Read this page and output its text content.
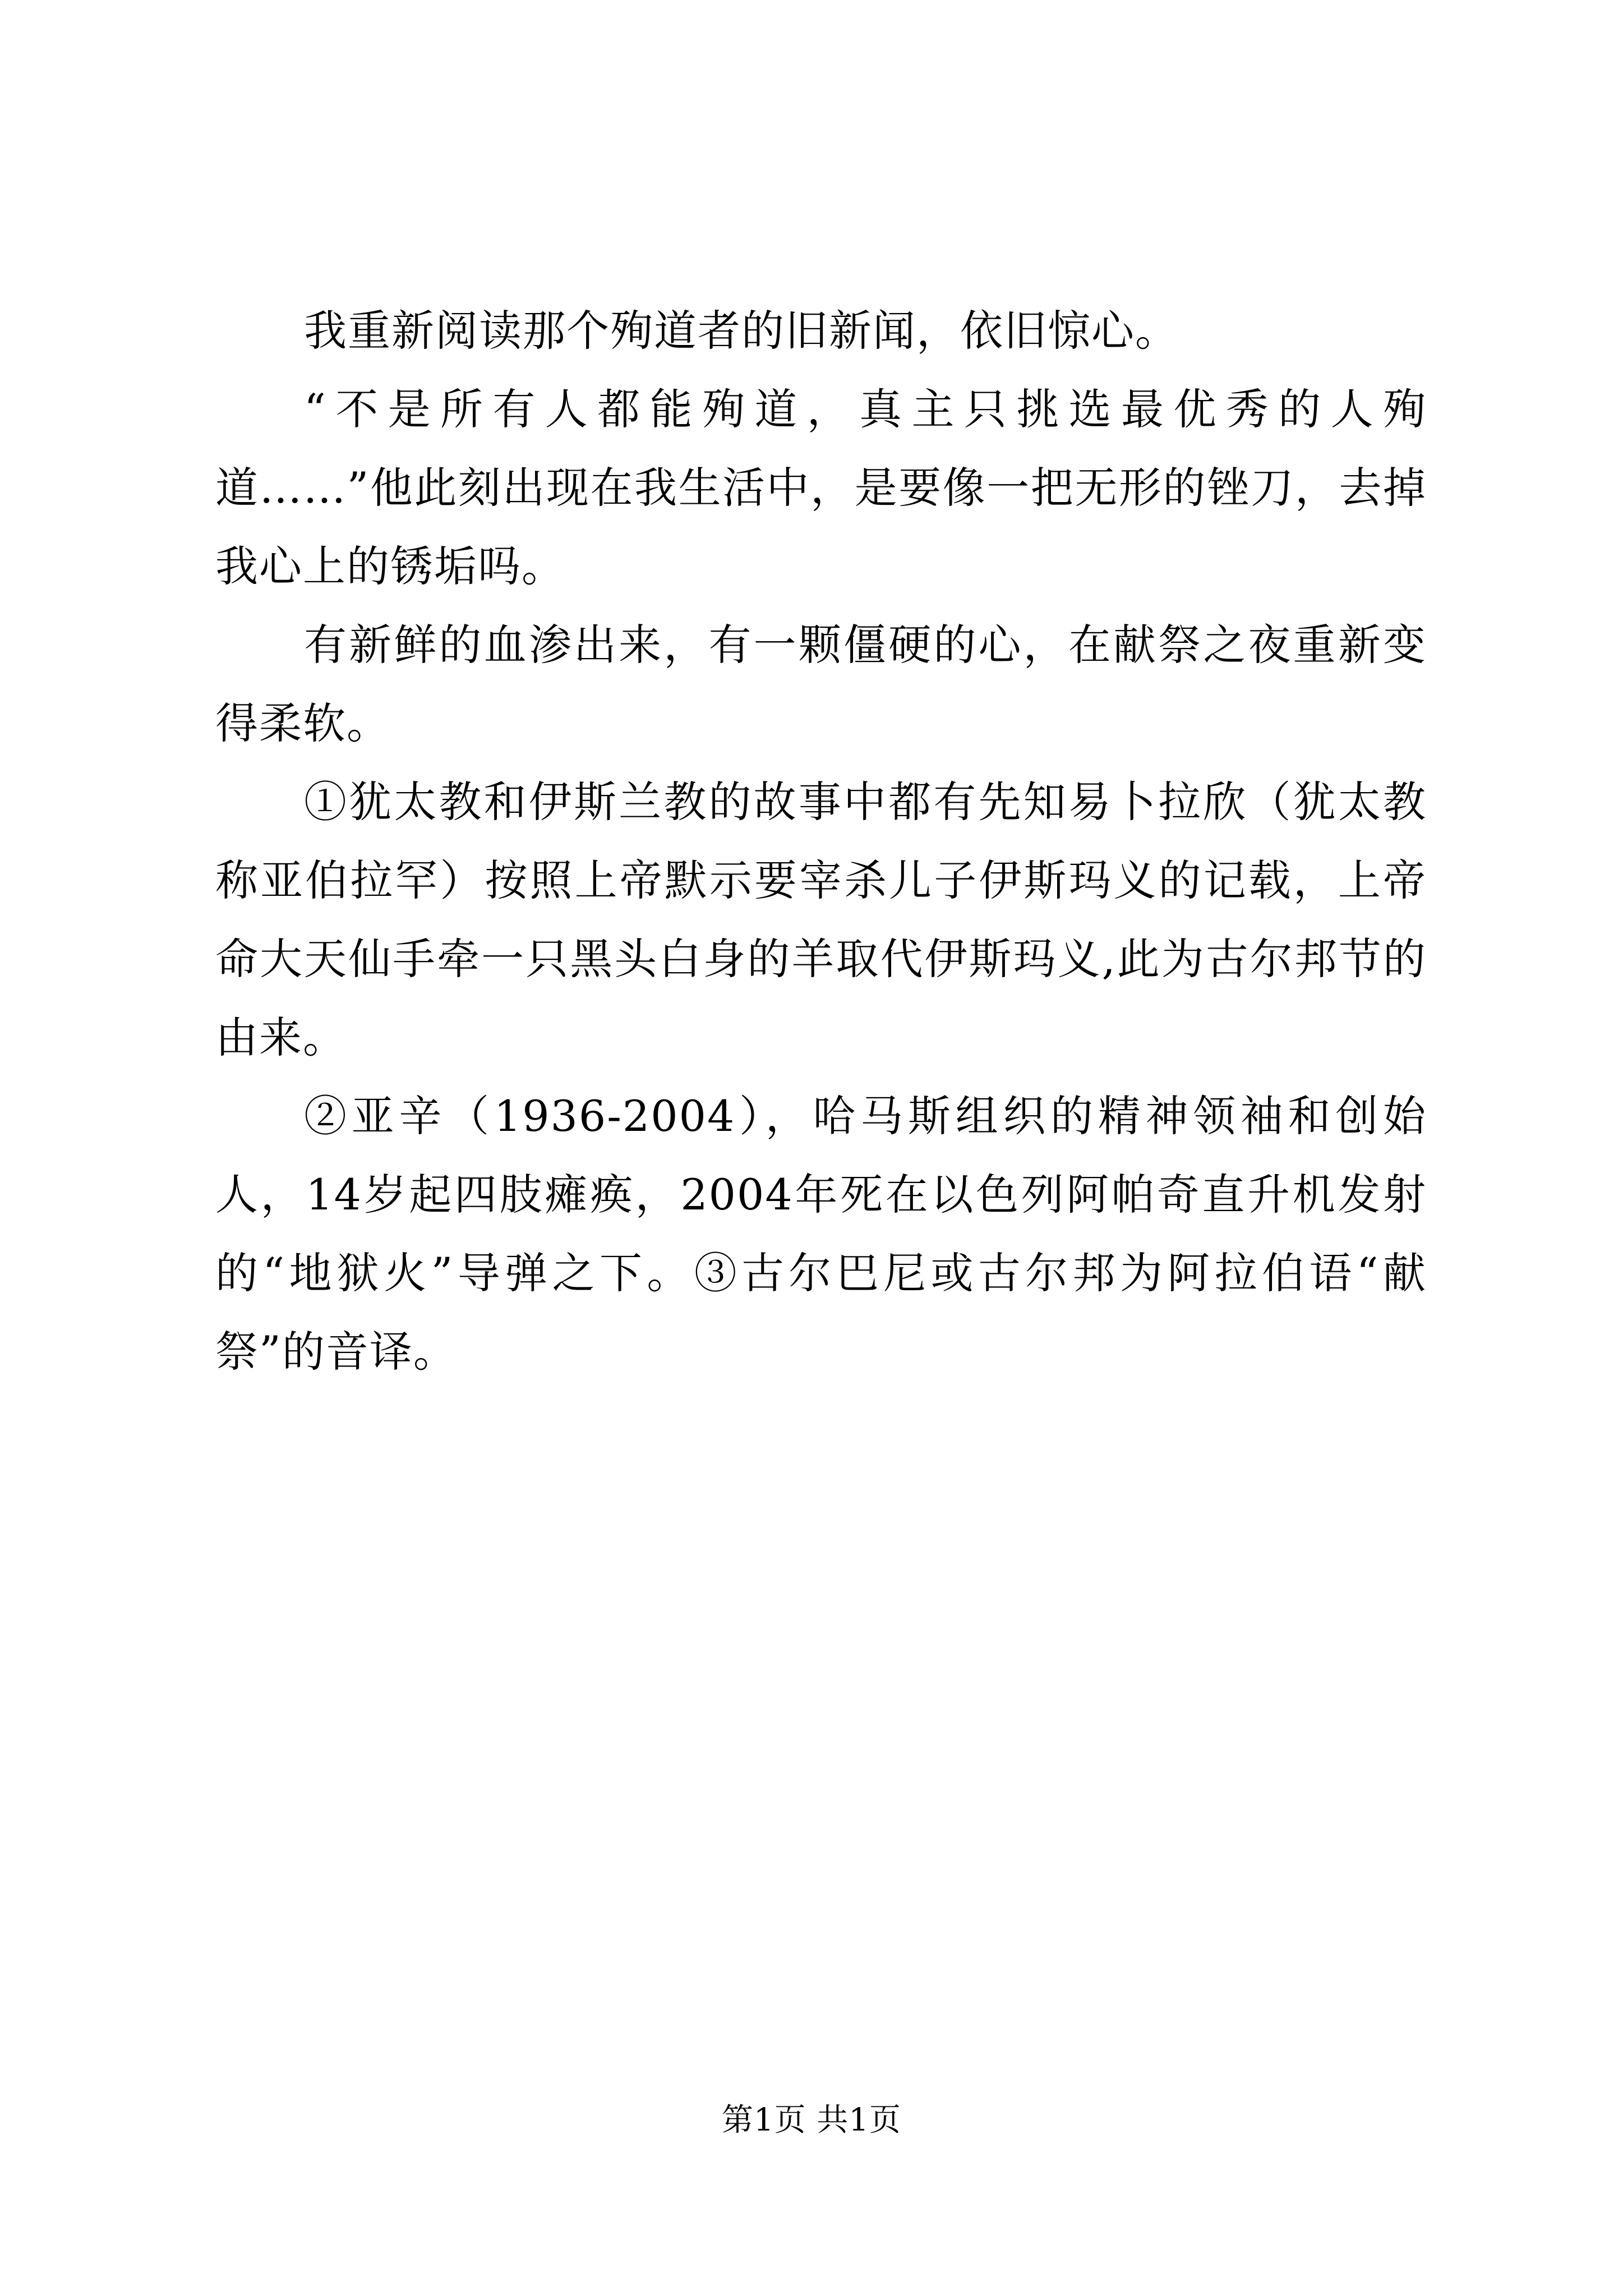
我重新阅读那个殉道者的旧新闻，依旧惊心。

“不是所有人都能殉道，真主只挑选最优秀的人殉道……”他此刻出现在我生活中，是要像一把无形的锉刀，去掉我心上的锈垢吗。

有新鲜的血渗出来，有一颗僵硬的心，在献祭之夜重新变得柔软。

①犹太教和伊斯兰教的故事中都有先知易卜拉欣（犹太教称亚伯拉罕）按照上帝默示要宰杀儿子伊斯玛义的记载，上帝命大天仙手牵一只黑头白身的羊取代伊斯玛义,此为古尔邦节的由来。

②亚辛（1936-2004），哈马斯组织的精神领袖和创始人，14岁起四肢瘫痪，2004年死在以色列阿帕奇直升机发射的“地狱火”导弹之下。③古尔巴尼或古尔邦为阿拉伯语“献祭”的音译。

第1页 共1页
